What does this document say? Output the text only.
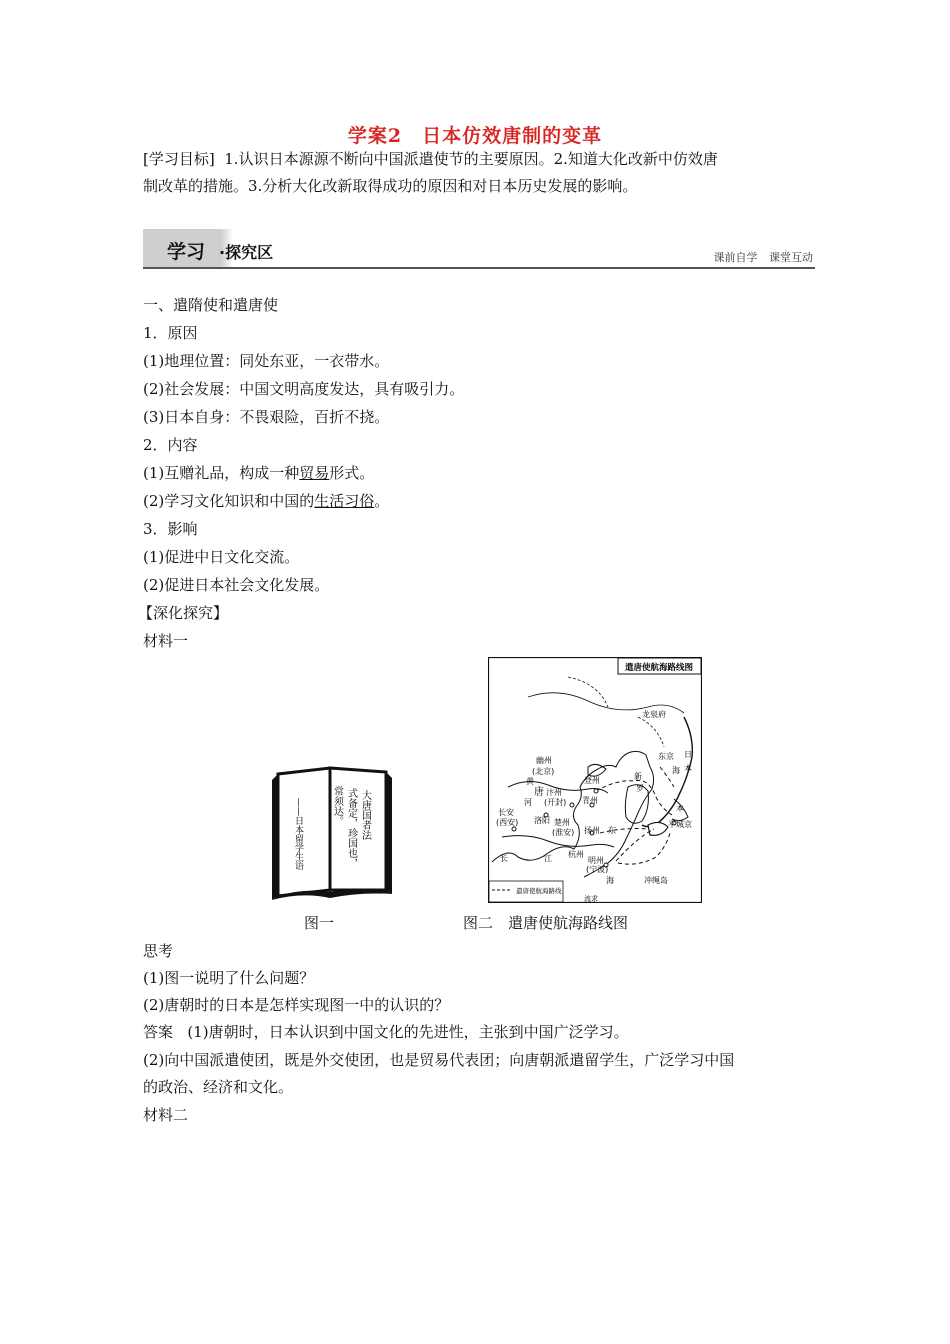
学案2　日本仿效唐制的变革
[学习目标] 1.认识日本源源不断向中国派遣使节的主要原因。2.知道大化改新中仿效唐
制改革的措施。3.分析大化改新取得成功的原因和对日本历史发展的影响。
学习 ·探究区	课前自学 课堂互动
一、遣隋使和遣唐使
1．原因
(1)地理位置：同处东亚，一衣带水。
(2)社会发展：中国文明高度发达，具有吸引力。
(3)日本自身：不畏艰险，百折不挠。
2．内容
(1)互赠礼品，构成一种贸易形式。
(2)学习文化知识和中国的生活习俗。
3．影响
(1)促进中日文化交流。
(2)促进日本社会文化发展。
【深化探究】
材料一
大唐国者法
式备定，珍国也，
常须达。
——日本留学生语
遣唐使航海路线图
遣唐使航海路线
龙泉府
东京 日
本
海
幽州
(北京)
黄
河
唐 汴州
(开封)
登州
青州
新
罗
长安
(西安) 洛阳 楚州
(淮安) 扬州 东
本
平城京
长	江 杭州
明州
(宁波)
海	冲绳岛
流求
图一	图二　遣唐使航海路线图
思考
(1)图一说明了什么问题？
(2)唐朝时的日本是怎样实现图一中的认识的？
答案 (1)唐朝时，日本认识到中国文化的先进性，主张到中国广泛学习。
(2)向中国派遣使团，既是外交使团，也是贸易代表团；向唐朝派遣留学生，广泛学习中国
的政治、经济和文化。
材料二
